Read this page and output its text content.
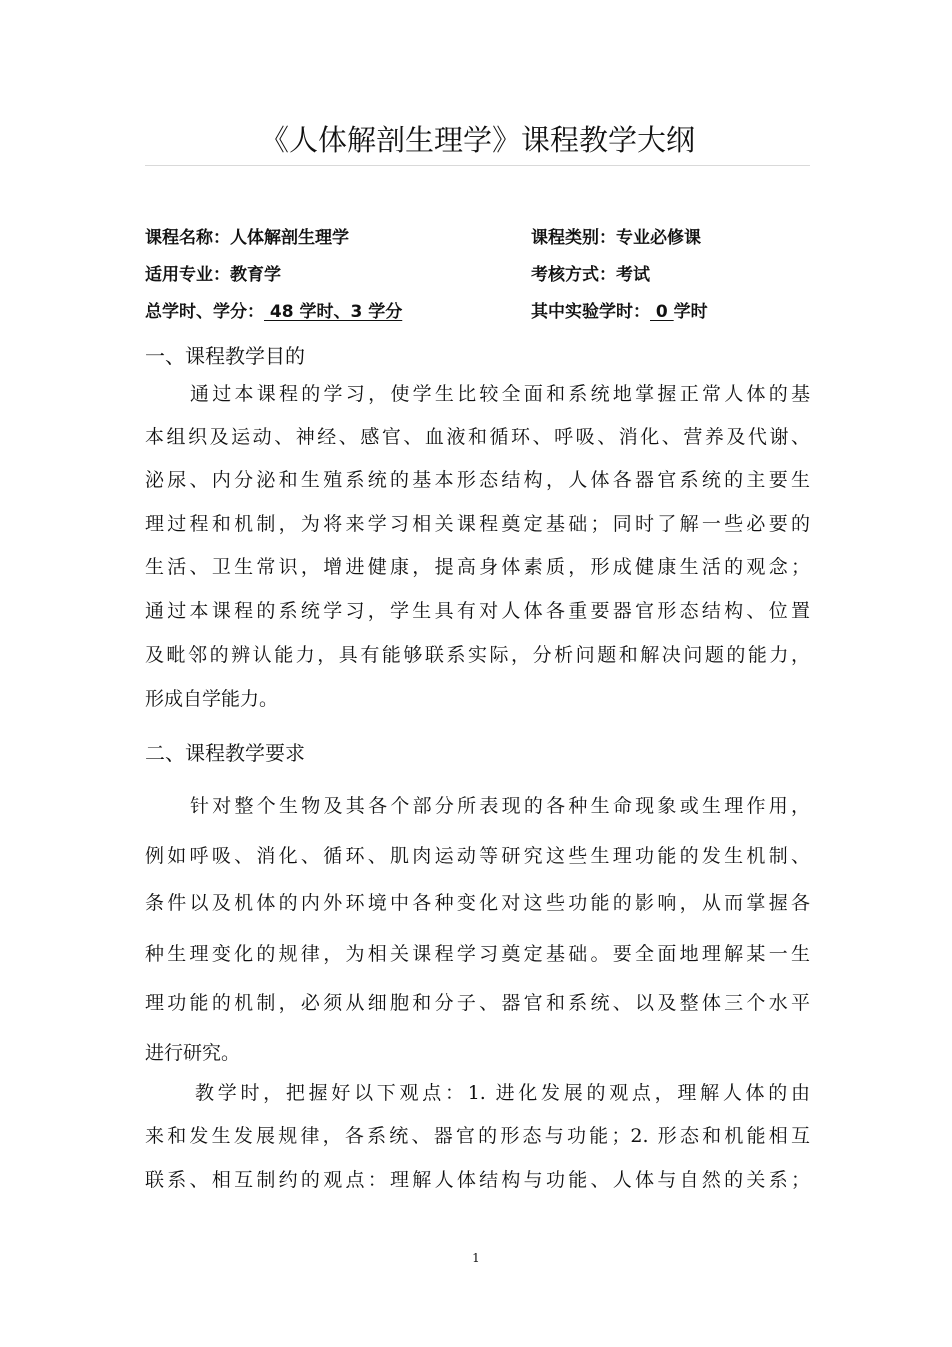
《人体解剖生理学》课程教学大纲
课程名称：人体解剖生理学	课程类别：专业必修课
适用专业：教育学	考核方式：考试
总学时、学分： 48 学时、3 学分	其中实验学时： 0 学时
一、课程教学目的
通过本课程的学习，使学生比较全面和系统地掌握正常人体的基
本组织及运动、神经、感官、血液和循环、呼吸、消化、营养及代谢、
泌尿、内分泌和生殖系统的基本形态结构，人体各器官系统的主要生
理过程和机制，为将来学习相关课程奠定基础；同时了解一些必要的
生活、卫生常识，增进健康，提高身体素质，形成健康生活的观念；
通过本课程的系统学习，学生具有对人体各重要器官形态结构、位置
及毗邻的辨认能力，具有能够联系实际，分析问题和解决问题的能力，
形成自学能力。
二、课程教学要求
针对整个生物及其各个部分所表现的各种生命现象或生理作用，
例如呼吸、消化、循环、肌肉运动等研究这些生理功能的发生机制、
条件以及机体的内外环境中各种变化对这些功能的影响，从而掌握各
种生理变化的规律，为相关课程学习奠定基础。要全面地理解某一生
理功能的机制，必须从细胞和分子、器官和系统、以及整体三个水平
进行研究。
教学时，把握好以下观点：1. 进化发展的观点，理解人体的由
来和发生发展规律，各系统、器官的形态与功能；2. 形态和机能相互
联系、相互制约的观点：理解人体结构与功能、人体与自然的关系；
1
